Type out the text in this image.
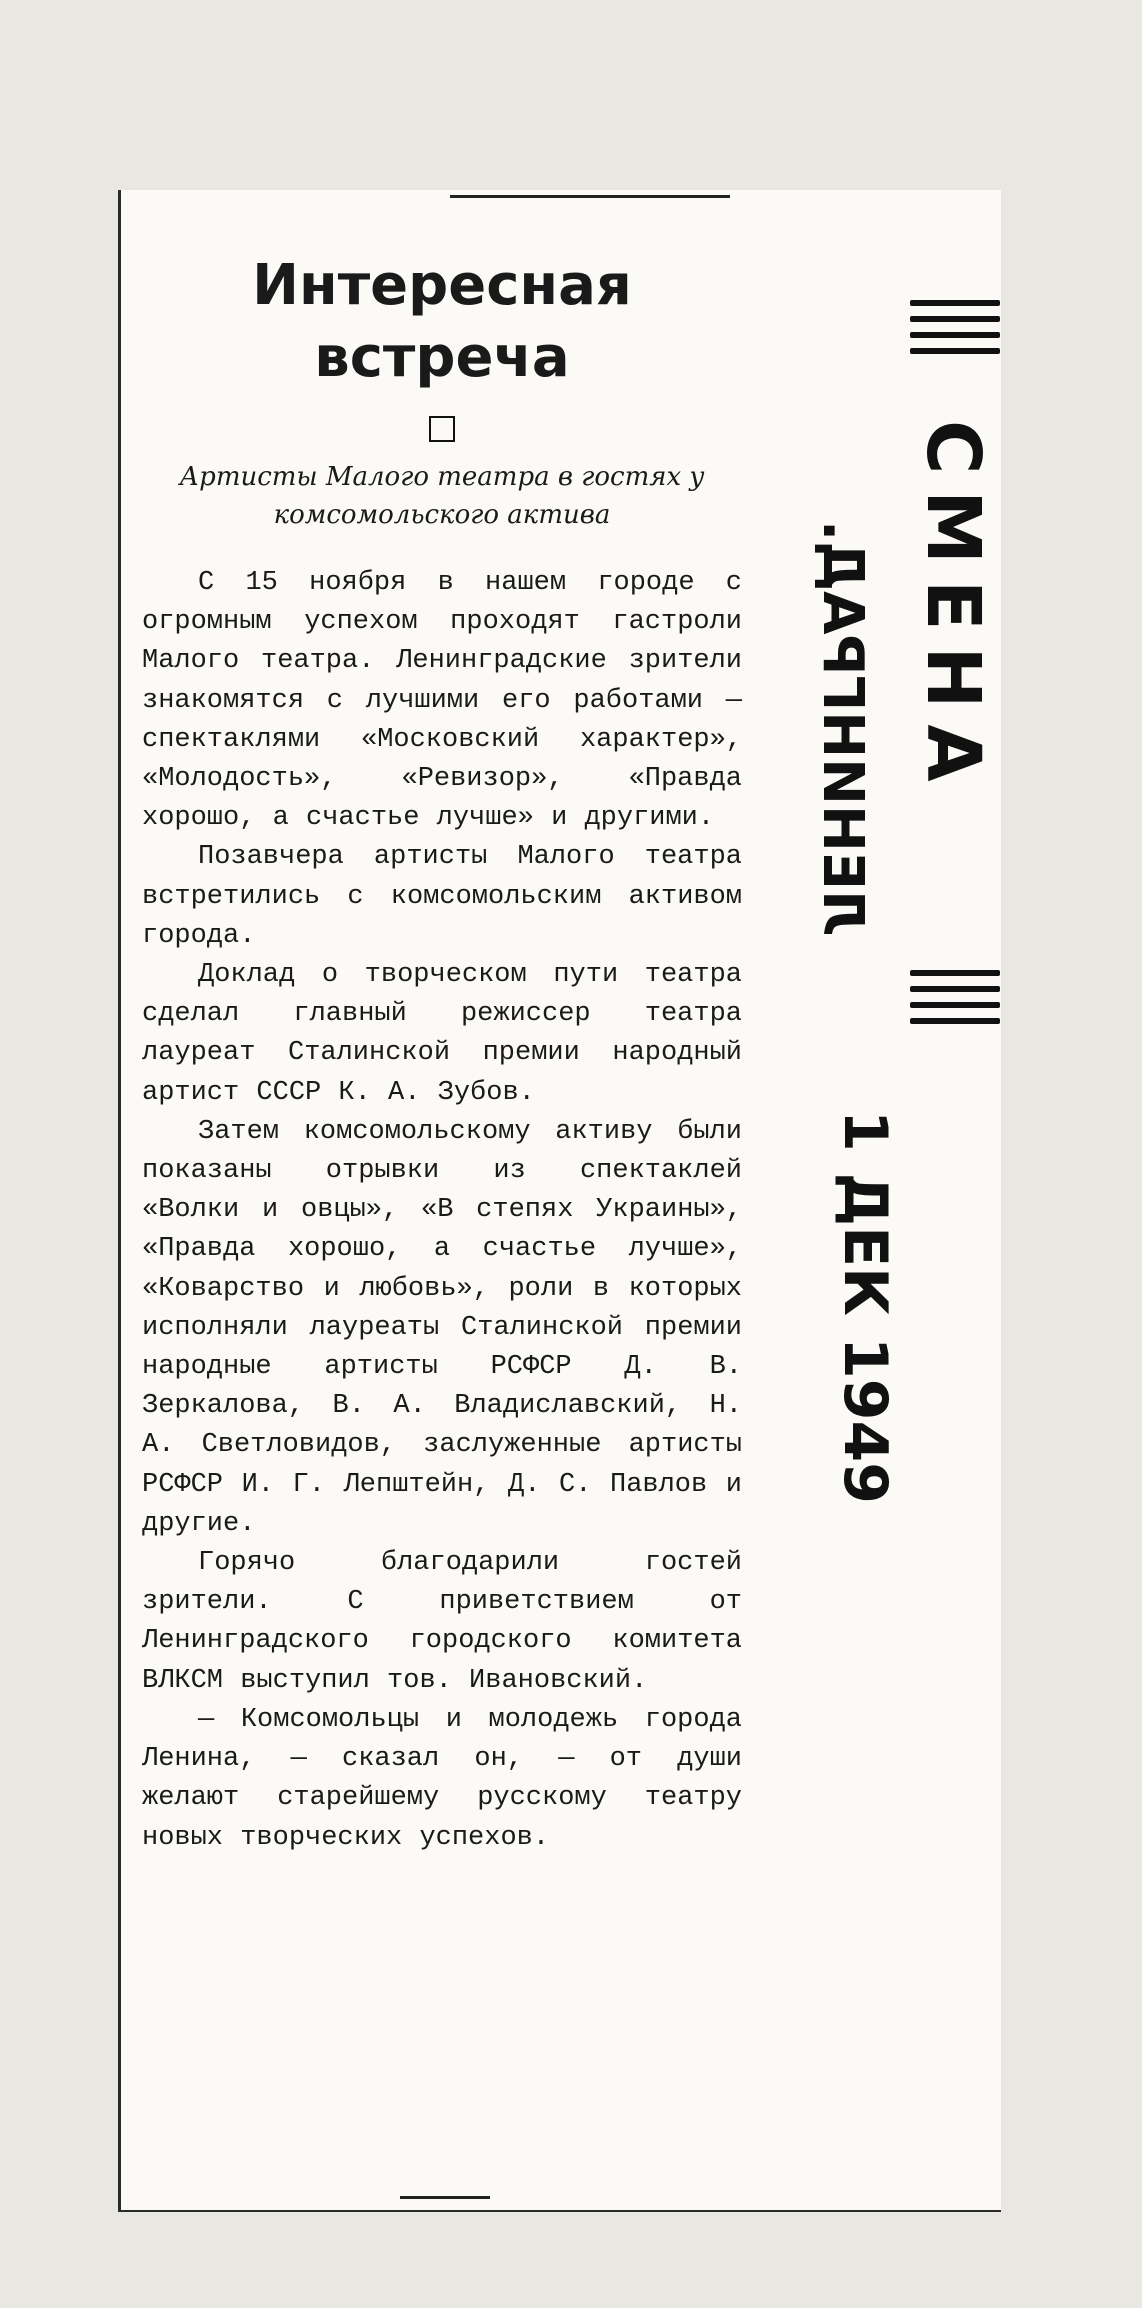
Интересная встреча

Артисты Малого театра в гостях у комсомольского актива

С 15 ноября в нашем городе с огромным успехом проходят гастроли Малого театра. Ленинградские зрители знакомятся с лучшими его работами — спектаклями «Московский характер», «Молодость», «Ревизор», «Правда хорошо, а счастье лучше» и другими.

Позавчера артисты Малого театра встретились с комсомольским активом города.

Доклад о творческом пути театра сделал главный режиссер театра лауреат Сталинской премии народный артист СССР К. А. Зубов.

Затем комсомольскому активу были показаны отрывки из спектаклей «Волки и овцы», «В степях Украины», «Правда хорошо, а счастье лучше», «Коварство и любовь», роли в которых исполняли лауреаты Сталинской премии народные артисты РСФСР Д. В. Зеркалова, В. А. Владиславский, Н. А. Светловидов, заслуженные артисты РСФСР И. Г. Лепштейн, Д. С. Павлов и другие.

Горячо благодарили гостей зрители. С приветствием от Ленинградского городского комитета ВЛКСМ выступил тов. Ивановский.

— Комсомольцы и молодежь города Ленина, — сказал он, — от души желают старейшему русскому театру новых творческих успехов.

СМЕНА
ЛЕНИНГРАД.
1 ДЕК 1949
